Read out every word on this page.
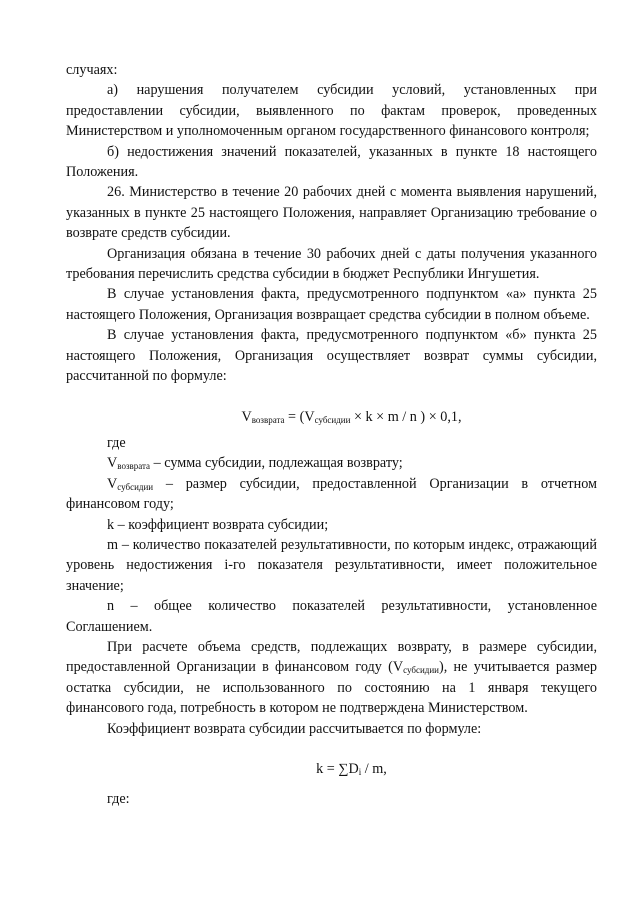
случаях:

а) нарушения получателем субсидии условий, установленных при предоставлении субсидии, выявленного по фактам проверок, проведенных Министерством и уполномоченным органом государственного финансового контроля;

б) недостижения значений показателей, указанных в пункте 18 настоящего Положения.

26. Министерство в течение 20 рабочих дней с момента выявления нарушений, указанных в пункте 25 настоящего Положения, направляет Организацию требование о возврате средств субсидии.

Организация обязана в течение 30 рабочих дней с даты получения указанного требования перечислить средства субсидии в бюджет Республики Ингушетия.

В случае установления факта, предусмотренного подпунктом «а» пункта 25 настоящего Положения, Организация возвращает средства субсидии в полном объеме.

В случае установления факта, предусмотренного подпунктом «б» пункта 25 настоящего Положения, Организация осуществляет возврат суммы субсидии, рассчитанной по формуле:

$V_{возврата} = (V_{субсидии} \times k \times m / n$ ) × 0,1,

где

$V_{возврата}$ – сумма субсидии, подлежащая возврату;

$V_{субсидии}$ – размер субсидии, предоставленной Организации в отчетном финансовом году;

k – коэффициент возврата субсидии;

m – количество показателей результативности, по которым индекс, отражающий уровень недостижения i-го показателя результативности, имеет положительное значение;

n – общее количество показателей результативности, установленное Соглашением.

При расчете объема средств, подлежащих возврату, в размере субсидии, предоставленной Организации в финансовом году $(V_{субсидии})$, не учитывается размер остатка субсидии, не использованного по состоянию на 1 января текущего финансового года, потребность в котором не подтверждена Министерством.

Коэффициент возврата субсидии рассчитывается по формуле:

$k = \sum D_i / m$,

где:
